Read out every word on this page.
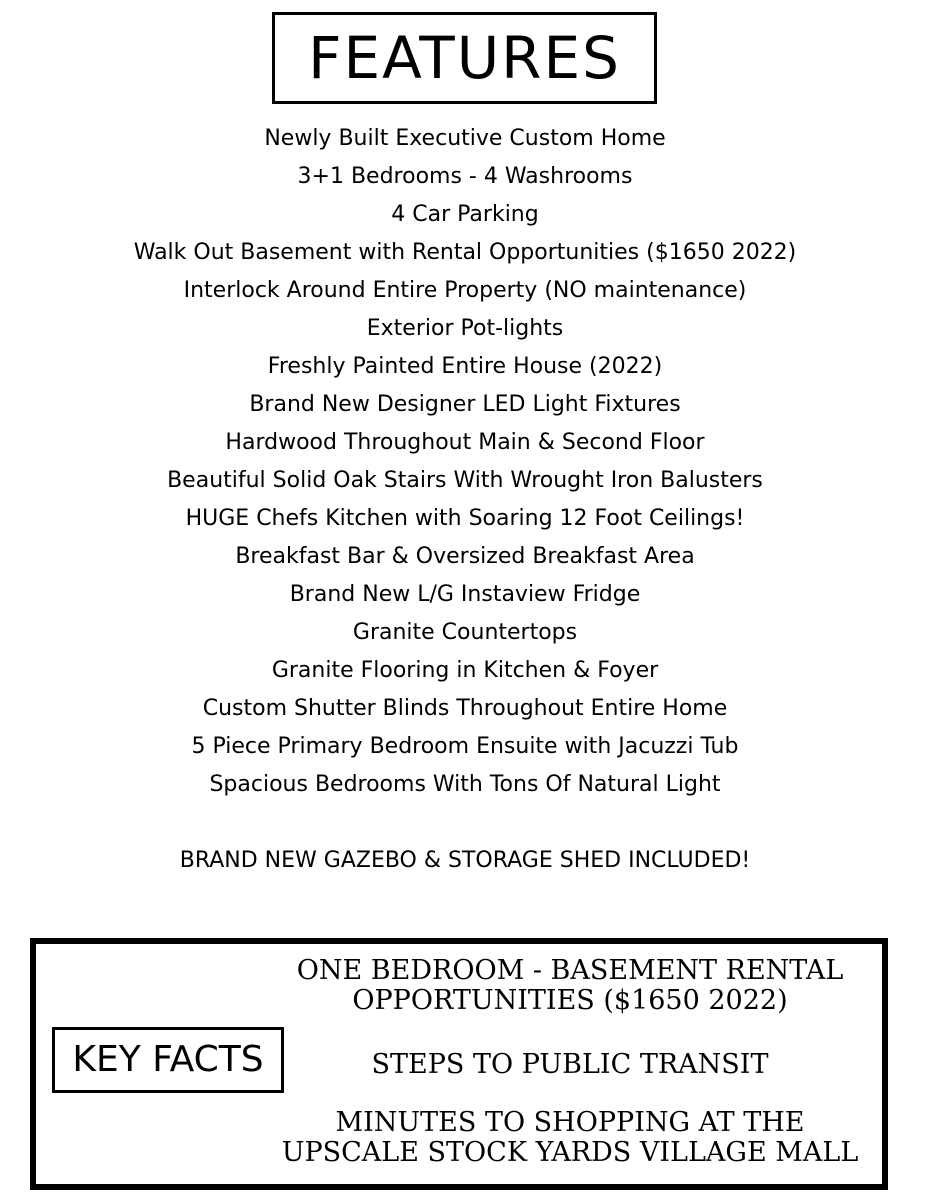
FEATURES
Newly Built Executive Custom Home
3+1 Bedrooms - 4 Washrooms
4 Car Parking
Walk Out Basement with Rental Opportunities ($1650 2022)
Interlock Around Entire Property (NO maintenance)
Exterior Pot-lights
Freshly Painted Entire House (2022)
Brand New Designer LED Light Fixtures
Hardwood Throughout Main & Second Floor
Beautiful Solid Oak Stairs With Wrought Iron Balusters
HUGE Chefs Kitchen with Soaring 12 Foot Ceilings!
Breakfast Bar & Oversized Breakfast Area
Brand New L/G Instaview Fridge
Granite Countertops
Granite Flooring in Kitchen & Foyer
Custom Shutter Blinds Throughout Entire Home
5 Piece Primary Bedroom Ensuite with Jacuzzi Tub
Spacious Bedrooms With Tons Of Natural Light
BRAND NEW GAZEBO & STORAGE SHED INCLUDED!
KEY FACTS
ONE BEDROOM - BASEMENT RENTAL
OPPORTUNITIES ($1650 2022)
STEPS TO PUBLIC TRANSIT
MINUTES TO SHOPPING AT THE
UPSCALE STOCK YARDS VILLAGE MALL
